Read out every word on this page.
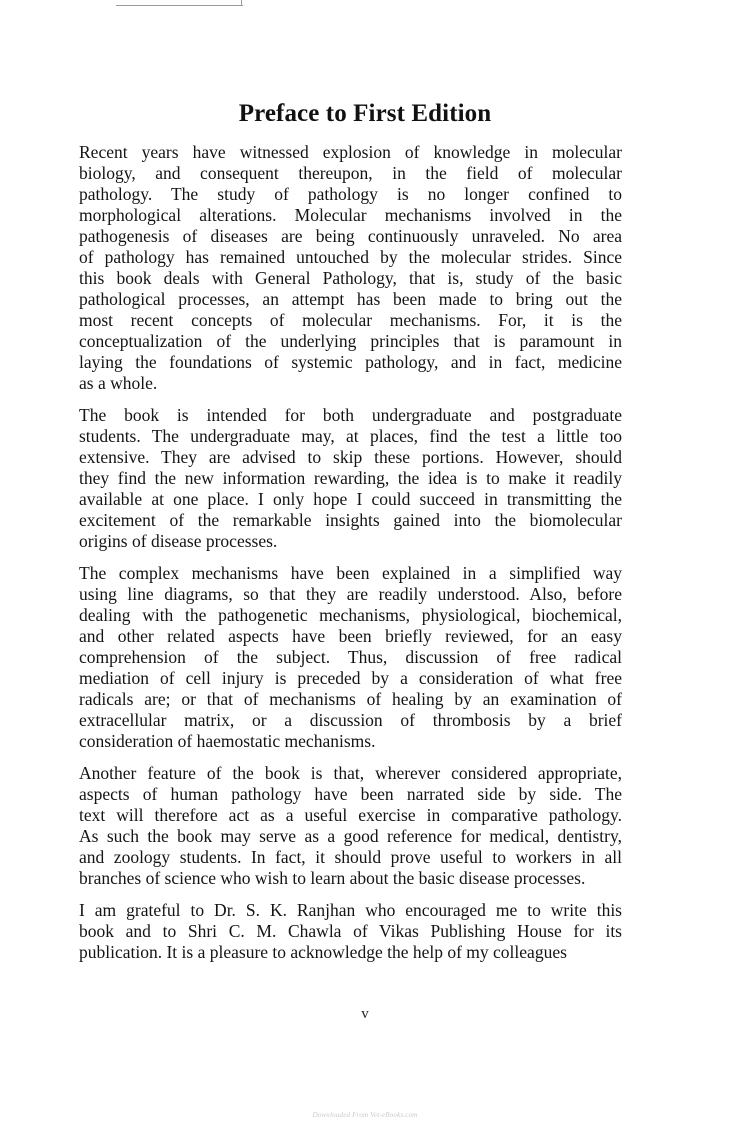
Preface to First Edition
Recent years have witnessed explosion of knowledge in molecular
biology, and consequent thereupon, in the field of molecular
pathology. The study of pathology is no longer confined to
morphological alterations. Molecular mechanisms involved in the
pathogenesis of diseases are being continuously unraveled. No area
of pathology has remained untouched by the molecular strides. Since
this book deals with General Pathology, that is, study of the basic
pathological processes, an attempt has been made to bring out the
most recent concepts of molecular mechanisms. For, it is the
conceptualization of the underlying principles that is paramount in
laying the foundations of systemic pathology, and in fact, medicine
as a whole.
The book is intended for both undergraduate and postgraduate
students. The undergraduate may, at places, find the test a little too
extensive. They are advised to skip these portions. However, should
they find the new information rewarding, the idea is to make it readily
available at one place. I only hope I could succeed in transmitting the
excitement of the remarkable insights gained into the biomolecular
origins of disease processes.
The complex mechanisms have been explained in a simplified way
using line diagrams, so that they are readily understood. Also, before
dealing with the pathogenetic mechanisms, physiological, biochemical,
and other related aspects have been briefly reviewed, for an easy
comprehension of the subject. Thus, discussion of free radical
mediation of cell injury is preceded by a consideration of what free
radicals are; or that of mechanisms of healing by an examination of
extracellular matrix, or a discussion of thrombosis by a brief
consideration of haemostatic mechanisms.
Another feature of the book is that, wherever considered appropriate,
aspects of human pathology have been narrated side by side. The
text will therefore act as a useful exercise in comparative pathology.
As such the book may serve as a good reference for medical, dentistry,
and zoology students. In fact, it should prove useful to workers in all
branches of science who wish to learn about the basic disease processes.
I am grateful to Dr. S. K. Ranjhan who encouraged me to write this
book and to Shri C. M. Chawla of Vikas Publishing House for its
publication. It is a pleasure to acknowledge the help of my colleagues
v
Downloaded From Vet-eBooks.com
